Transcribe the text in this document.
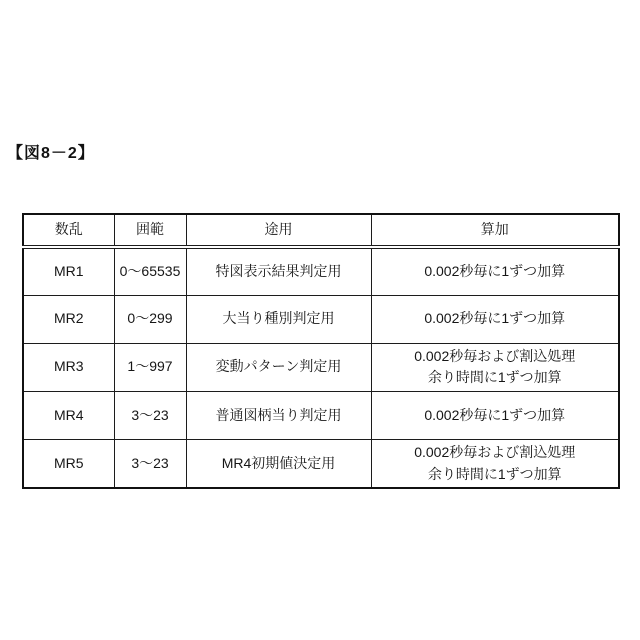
【図8－2】
数乱	囲範	途用	算加
MR1	0～65535	特図表示結果判定用	0.002秒毎に1ずつ加算
MR2	0～299	大当り種別判定用	0.002秒毎に1ずつ加算
MR3	1～997	変動パターン判定用	0.002秒毎および割込処理
余り時間に1ずつ加算
MR4	3～23	普通図柄当り判定用	0.002秒毎に1ずつ加算
MR5	3～23	MR4初期値決定用	0.002秒毎および割込処理
余り時間に1ずつ加算
